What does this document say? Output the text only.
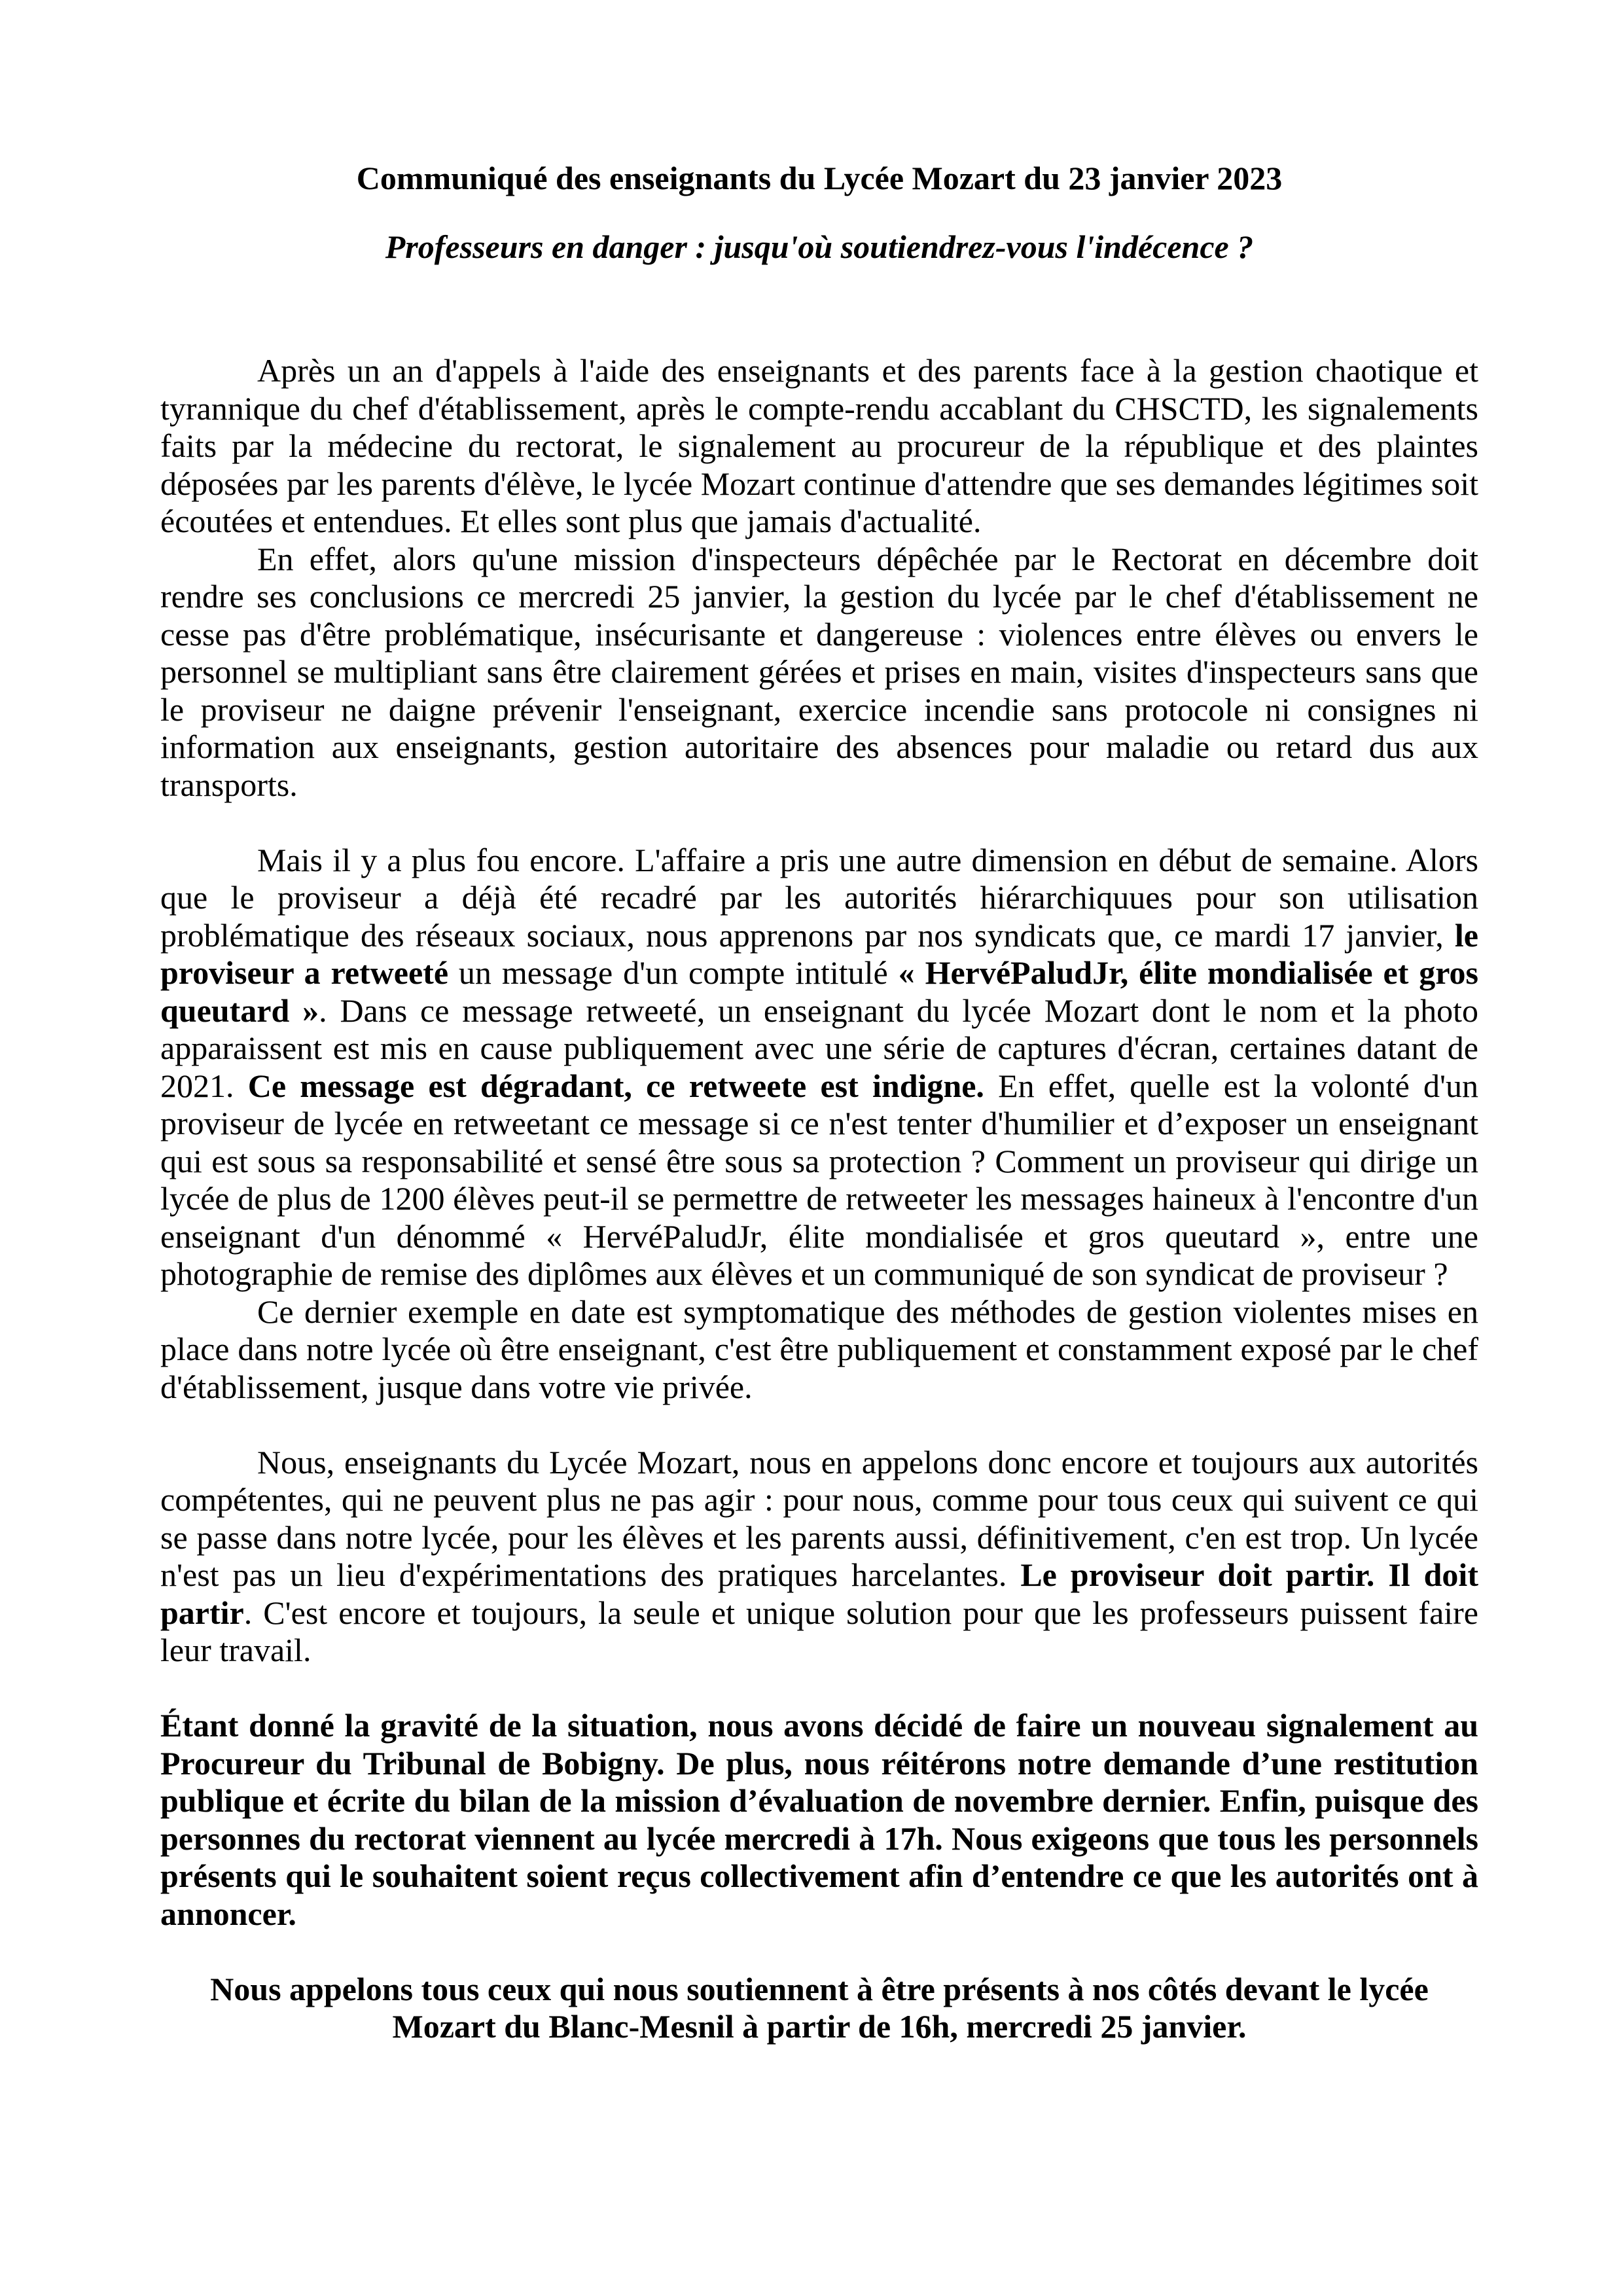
Communiqué des enseignants du Lycée Mozart du 23 janvier 2023
Professeurs en danger : jusqu'où soutiendrez-vous l'indécence ?

Après un an d'appels à l'aide des enseignants et des parents face à la gestion chaotique et tyrannique du chef d'établissement, après le compte-rendu accablant du CHSCTD, les signalements faits par la médecine du rectorat, le signalement au procureur de la république et des plaintes déposées par les parents d'élève, le lycée Mozart continue d'attendre que ses demandes légitimes soit écoutées et entendues. Et elles sont plus que jamais d'actualité.

En effet, alors qu'une mission d'inspecteurs dépêchée par le Rectorat en décembre doit rendre ses conclusions ce mercredi 25 janvier, la gestion du lycée par le chef d'établissement ne cesse pas d'être problématique, insécurisante et dangereuse : violences entre élèves ou envers le personnel se multipliant sans être clairement gérées et prises en main, visites d'inspecteurs sans que le proviseur ne daigne prévenir l'enseignant, exercice incendie sans protocole ni consignes ni information aux enseignants, gestion autoritaire des absences pour maladie ou retard dus aux transports.

Mais il y a plus fou encore. L'affaire a pris une autre dimension en début de semaine. Alors que le proviseur a déjà été recadré par les autorités hiérarchiquues pour son utilisation problématique des réseaux sociaux, nous apprenons par nos syndicats que, ce mardi 17 janvier, le proviseur a retweeté un message d'un compte intitulé « HervéPaludJr, élite mondialisée et gros queutard ». Dans ce message retweeté, un enseignant du lycée Mozart dont le nom et la photo apparaissent est mis en cause publiquement avec une série de captures d'écran, certaines datant de 2021. Ce message est dégradant, ce retweete est indigne. En effet, quelle est la volonté d'un proviseur de lycée en retweetant ce message si ce n'est tenter d'humilier et d’exposer un enseignant qui est sous sa responsabilité et sensé être sous sa protection ? Comment un proviseur qui dirige un lycée de plus de 1200 élèves peut-il se permettre de retweeter les messages haineux à l'encontre d'un enseignant d'un dénommé « HervéPaludJr, élite mondialisée et gros queutard », entre une photographie de remise des diplômes aux élèves et un communiqué de son syndicat de proviseur ?

Ce dernier exemple en date est symptomatique des méthodes de gestion violentes mises en place dans notre lycée où être enseignant, c'est être publiquement et constamment exposé par le chef d'établissement, jusque dans votre vie privée.

Nous, enseignants du Lycée Mozart, nous en appelons donc encore et toujours aux autorités compétentes, qui ne peuvent plus ne pas agir : pour nous, comme pour tous ceux qui suivent ce qui se passe dans notre lycée, pour les élèves et les parents aussi, définitivement, c'en est trop. Un lycée n'est pas un lieu d'expérimentations des pratiques harcelantes. Le proviseur doit partir. Il doit partir. C'est encore et toujours, la seule et unique solution pour que les professeurs puissent faire leur travail.

Étant donné la gravité de la situation, nous avons décidé de faire un nouveau signalement au Procureur du Tribunal de Bobigny. De plus, nous réitérons notre demande d’une restitution publique et écrite du bilan de la mission d’évaluation de novembre dernier. Enfin, puisque des personnes du rectorat viennent au lycée mercredi à 17h. Nous exigeons que tous les personnels présents qui le souhaitent soient reçus collectivement afin d’entendre ce que les autorités ont à annoncer.

Nous appelons tous ceux qui nous soutiennent à être présents à nos côtés devant le lycée Mozart du Blanc-Mesnil à partir de 16h, mercredi 25 janvier.
